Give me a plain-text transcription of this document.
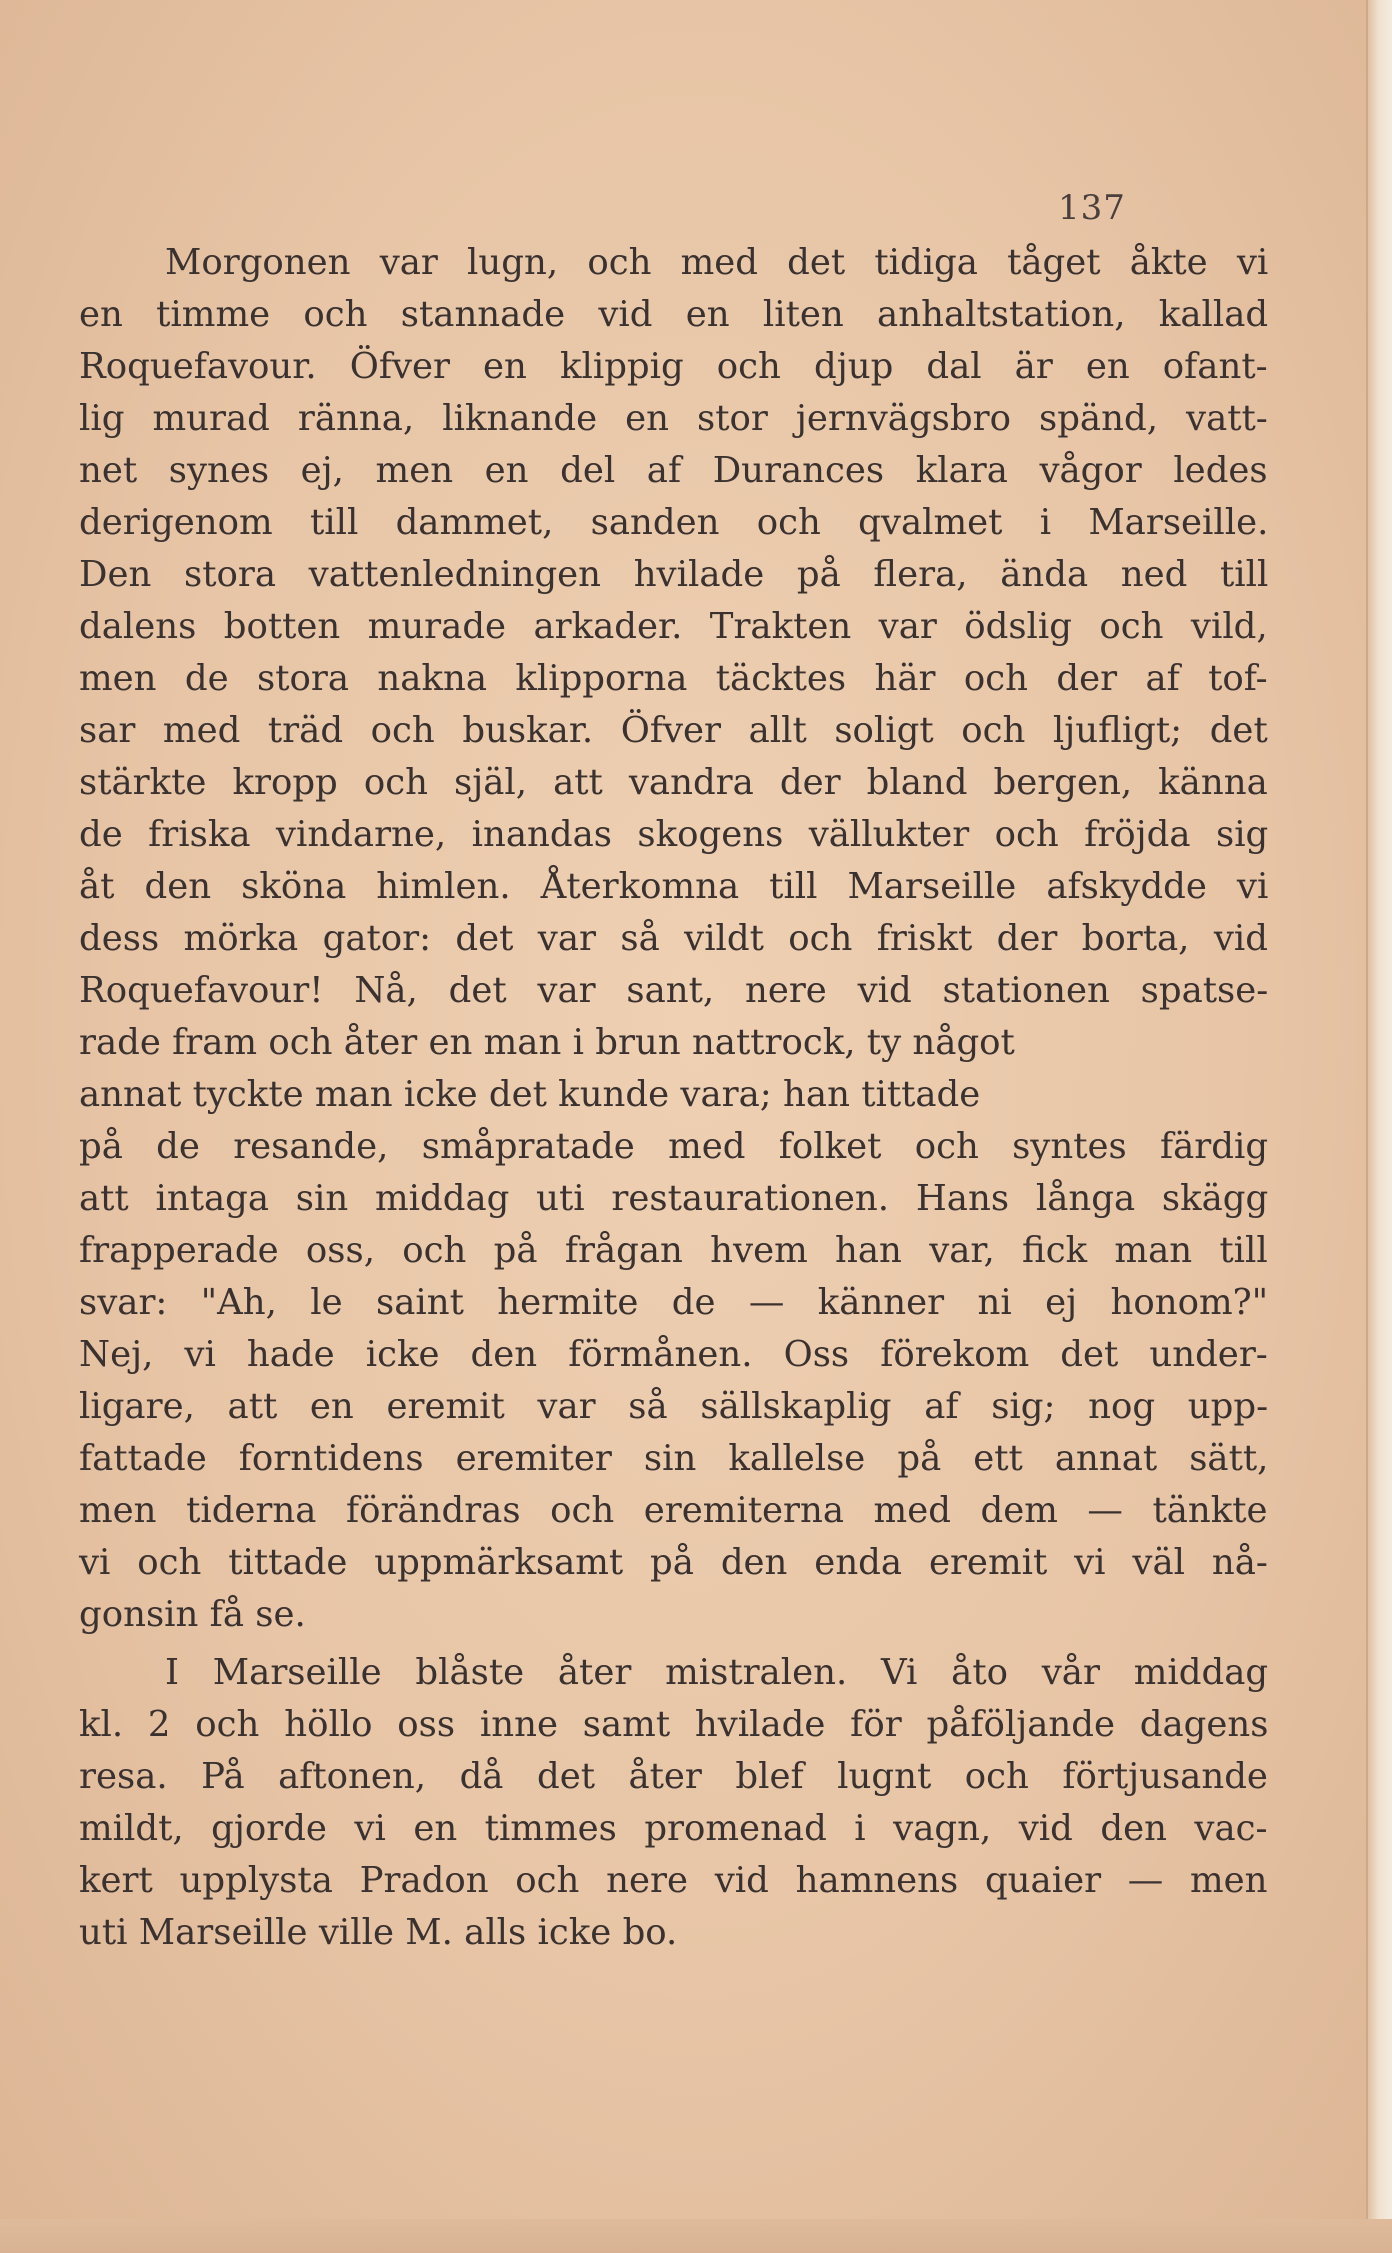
137
Morgonen var lugn, och med det tidiga tåget åkte vi
en timme och stannade vid en liten anhaltstation, kallad
Roquefavour. Öfver en klippig och djup dal är en ofant-
lig murad ränna, liknande en stor jernvägsbro spänd, vatt-
net synes ej, men en del af Durances klara vågor ledes
derigenom till dammet, sanden och qvalmet i Marseille.
Den stora vattenledningen hvilade på flera, ända ned till
dalens botten murade arkader. Trakten var ödslig och vild,
men de stora nakna klipporna täcktes här och der af tof-
sar med träd och buskar. Öfver allt soligt och ljufligt; det
stärkte kropp och själ, att vandra der bland bergen, känna
de friska vindarne, inandas skogens vällukter och fröjda sig
åt den sköna himlen. Återkomna till Marseille afskydde vi
dess mörka gator: det var så vildt och friskt der borta, vid
Roquefavour! Nå, det var sant, nere vid stationen spatse-
rade fram och åter en man i brun nattrock, ty något
annat tyckte man icke det kunde vara; han tittade
på de resande, småpratade med folket och syntes färdig
att intaga sin middag uti restaurationen. Hans långa skägg
frapperade oss, och på frågan hvem han var, fick man till
svar: "Ah, le saint hermite de — känner ni ej honom?"
Nej, vi hade icke den förmånen. Oss förekom det under-
ligare, att en eremit var så sällskaplig af sig; nog upp-
fattade forntidens eremiter sin kallelse på ett annat sätt,
men tiderna förändras och eremiterna med dem — tänkte
vi och tittade uppmärksamt på den enda eremit vi väl nå-
gonsin få se.
I Marseille blåste åter mistralen. Vi åto vår middag
kl. 2 och höllo oss inne samt hvilade för påföljande dagens
resa. På aftonen, då det åter blef lugnt och förtjusande
mildt, gjorde vi en timmes promenad i vagn, vid den vac-
kert upplysta Pradon och nere vid hamnens quaier — men
uti Marseille ville M. alls icke bo.
